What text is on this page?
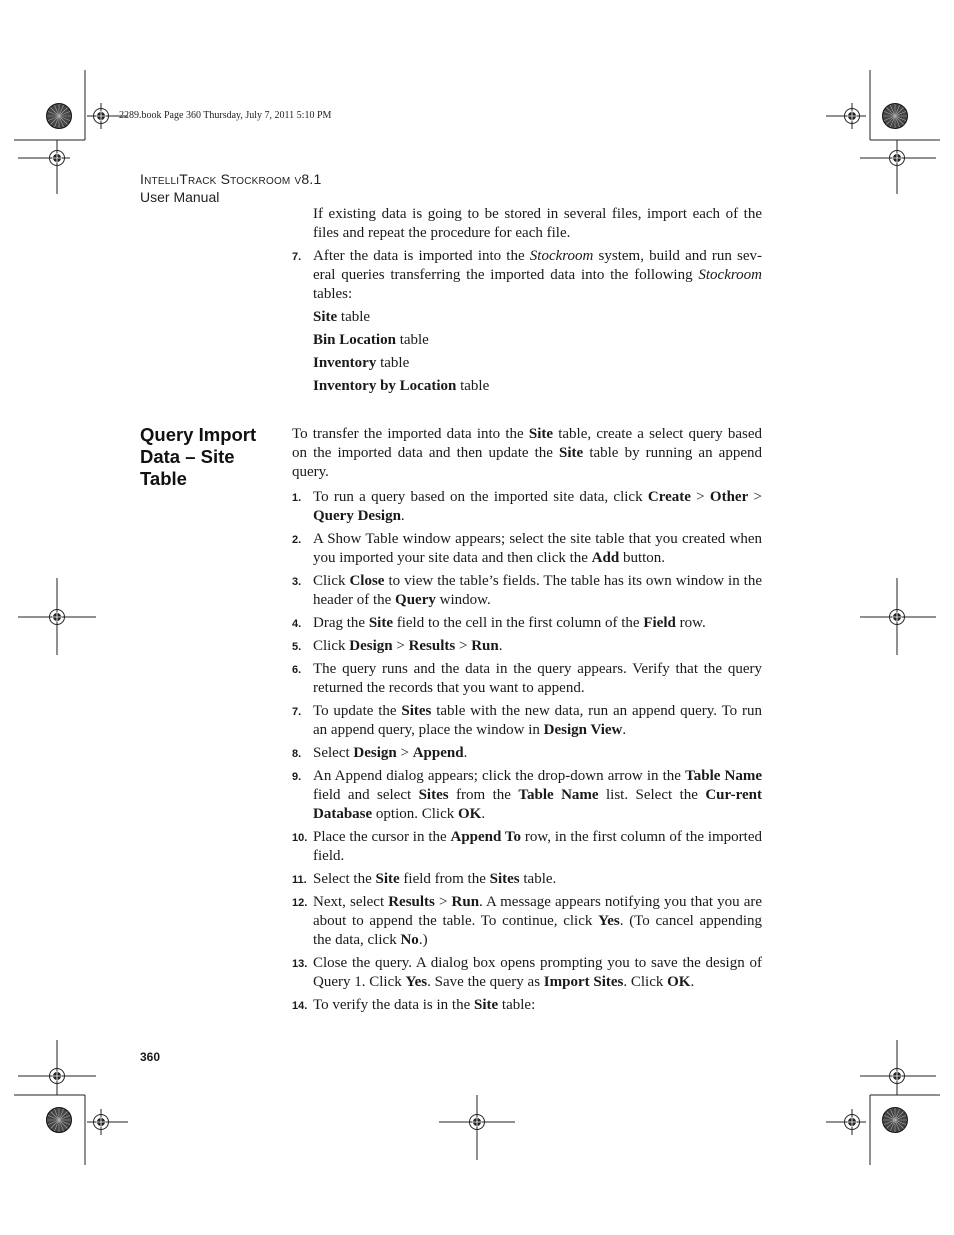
2289.book Page 360 Thursday, July 7, 2011 5:10 PM
IntelliTrack Stockroom v8.1
User Manual

If existing data is going to be stored in several files, import each of the files and repeat the procedure for each file.

7. After the data is imported into the Stockroom system, build and run sev-eral queries transferring the imported data into the following Stockroom tables:

Site table

Bin Location table

Inventory table

Inventory by Location table

To transfer the imported data into the Site table, create a select query based on the imported data and then update the Site table by running an append query.

1. To run a query based on the imported site data, click Create > Other > Query Design.
2. A Show Table window appears; select the site table that you created when you imported your site data and then click the Add button.
3. Click Close to view the table’s fields. The table has its own window in the header of the Query window.
4. Drag the Site field to the cell in the first column of the Field row.
5. Click Design > Results > Run.
6. The query runs and the data in the query appears. Verify that the query returned the records that you want to append.
7. To update the Sites table with the new data, run an append query. To run an append query, place the window in Design View.
8. Select Design > Append.
9. An Append dialog appears; click the drop-down arrow in the Table Name field and select Sites from the Table Name list. Select the Cur-rent Database option. Click OK.
10. Place the cursor in the Append To row, in the first column of the imported field.
11. Select the Site field from the Sites table.
12. Next, select Results > Run. A message appears notifying you that you are about to append the table. To continue, click Yes. (To cancel appending the data, click No.)
13. Close the query. A dialog box opens prompting you to save the design of Query 1. Click Yes. Save the query as Import Sites. Click OK.
14. To verify the data is in the Site table:
Query Import Data – Site Table
360
